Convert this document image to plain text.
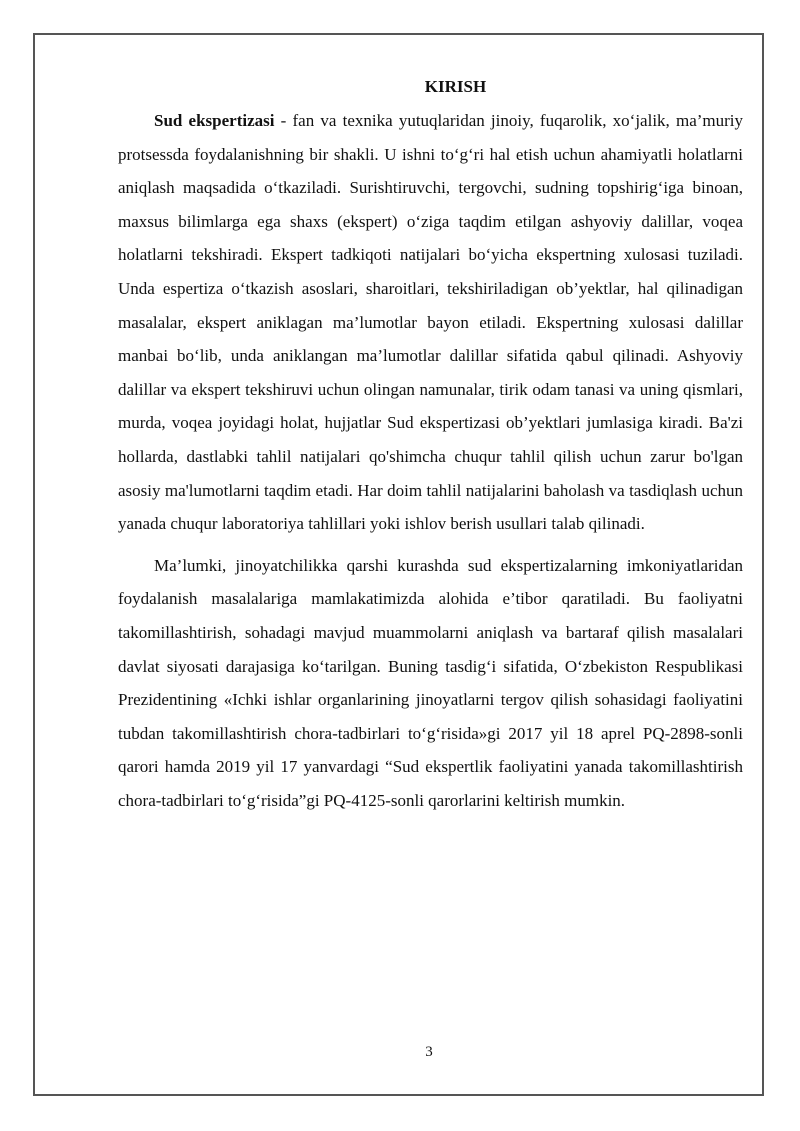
KIRISH

Sud ekspertizasi - fan va texnika yutuqlaridan jinoiy, fuqarolik, xo‘jalik, ma’muriy protsessda foydalanishning bir shakli. U ishni to‘g‘ri hal etish uchun ahamiyatli holatlarni aniqlash maqsadida o‘tkaziladi. Surishtiruvchi, tergovchi, sudning topshirig‘iga binoan, maxsus bilimlarga ega shaxs (ekspert) o‘ziga taqdim etilgan ashyoviy dalillar, voqea holatlarni tekshiradi. Ekspert tadkiqoti natijalari bo‘yicha ekspertning xulosasi tuziladi. Unda espertiza o‘tkazish asoslari, sharoitlari, tekshiriladigan ob’yektlar, hal qilinadigan masalalar, ekspert aniklagan ma’lumotlar bayon etiladi. Ekspertning xulosasi dalillar manbai bo‘lib, unda aniklangan ma’lumotlar dalillar sifatida qabul qilinadi. Ashyoviy dalillar va ekspert tekshiruvi uchun olingan namunalar, tirik odam tanasi va uning qismlari, murda, voqea joyidagi holat, hujjatlar Sud ekspertizasi ob’yektlari jumlasiga kiradi. Ba'zi hollarda, dastlabki tahlil natijalari qo'shimcha chuqur tahlil qilish uchun zarur bo'lgan asosiy ma'lumotlarni taqdim etadi. Har doim tahlil natijalarini baholash va tasdiqlash uchun yanada chuqur laboratoriya tahlillari yoki ishlov berish usullari talab qilinadi.

Ma’lumki, jinoyatchilikka qarshi kurashda sud ekspertizalarning imkoniyatlaridan foydalanish masalalariga mamlakatimizda alohida e’tibor qaratiladi. Bu faoliyatni takomillashtirish, sohadagi mavjud muammolarni aniqlash va bartaraf qilish masalalari davlat siyosati darajasiga ko‘tarilgan. Buning tasdig‘i sifatida, O‘zbekiston Respublikasi Prezidentining «Ichki ishlar organlarining jinoyatlarni tergov qilish sohasidagi faoliyatini tubdan takomillashtirish chora-tadbirlari to‘g‘risida»gi 2017 yil 18 aprel PQ-2898-sonli qarori hamda 2019 yil 17 yanvardagi “Sud ekspertlik faoliyatini yanada takomillashtirish chora-tadbirlari to‘g‘risida”gi PQ-4125-sonli qarorlarini keltirish mumkin.

3
